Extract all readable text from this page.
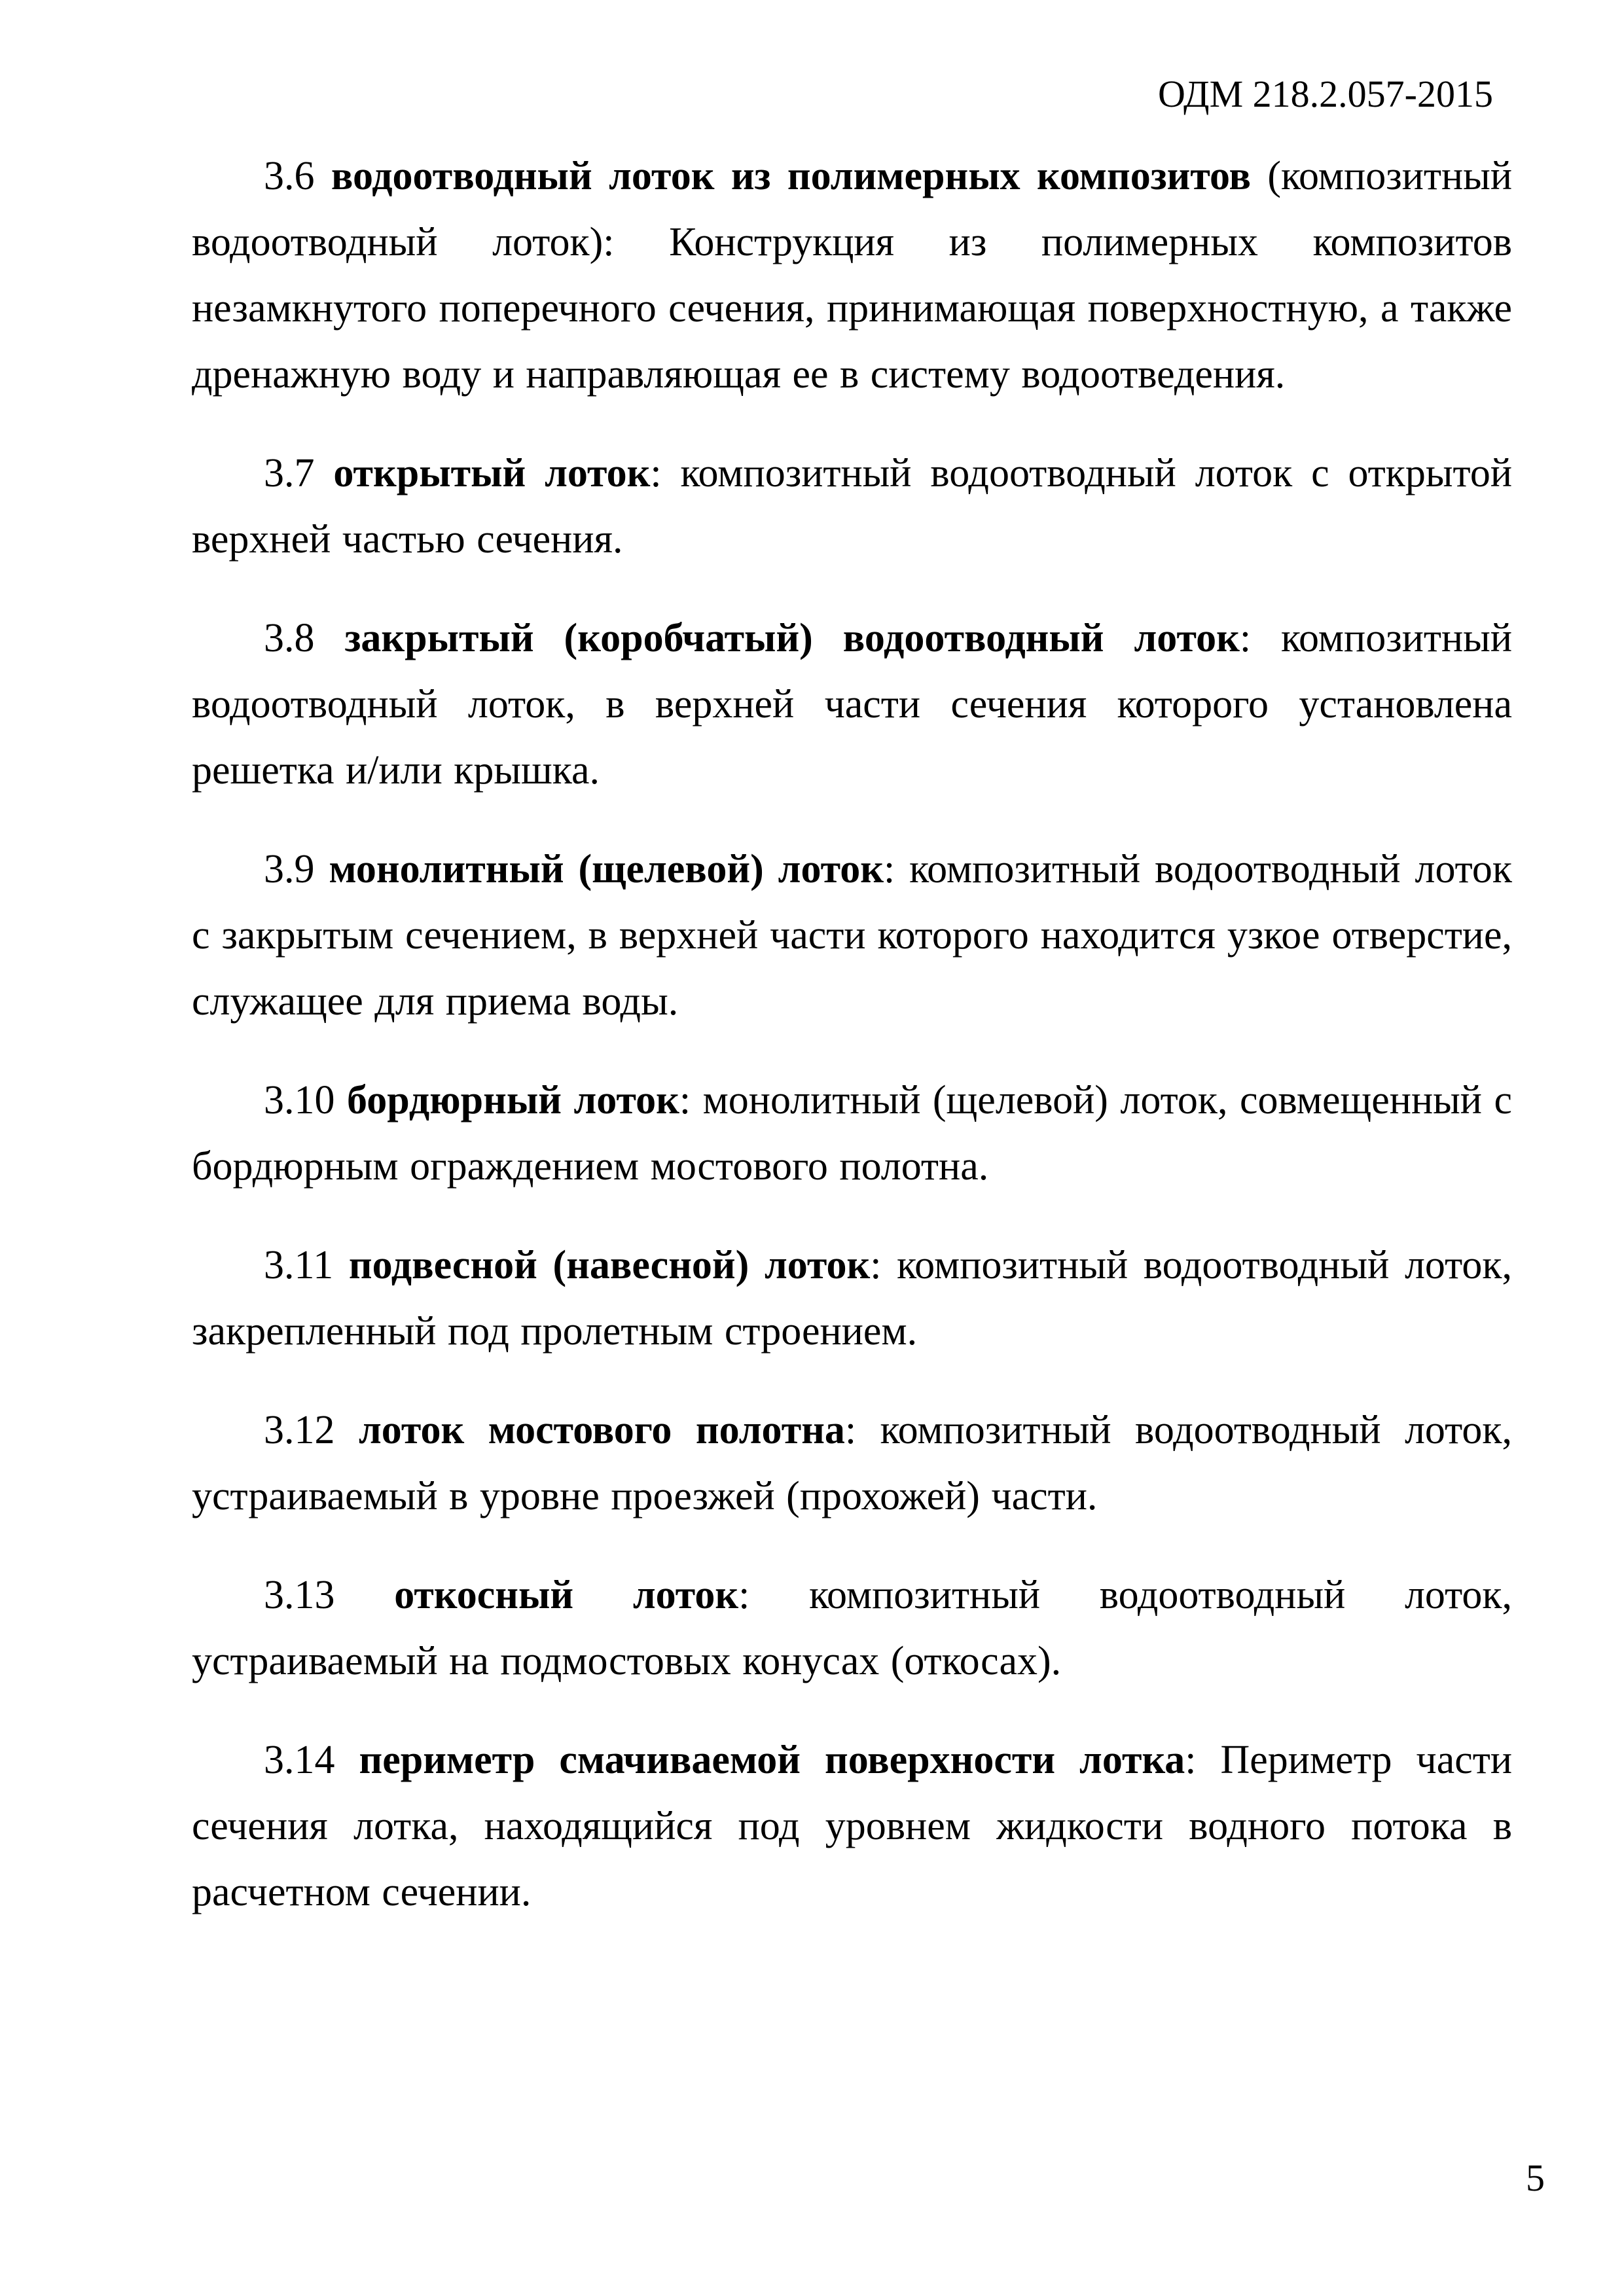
ОДМ 218.2.057-2015

3.6 водоотводный лоток из полимерных композитов (композитный водоотводный лоток): Конструкция из полимерных композитов незамкнутого поперечного сечения, принимающая поверхностную, а также дренажную воду и направляющая ее в систему водоотведения.

3.7 открытый лоток: композитный водоотводный лоток с открытой верхней частью сечения.

3.8 закрытый (коробчатый) водоотводный лоток: композитный водоотводный лоток, в верхней части сечения которого установлена решетка и/или крышка.

3.9 монолитный (щелевой) лоток: композитный водоотводный лоток с закрытым сечением, в верхней части которого находится узкое отверстие, служащее для приема воды.

3.10 бордюрный лоток: монолитный (щелевой) лоток, совмещенный с бордюрным ограждением мостового полотна.

3.11 подвесной (навесной) лоток: композитный водоотводный лоток, закрепленный под пролетным строением.

3.12 лоток мостового полотна: композитный водоотводный лоток, устраиваемый в уровне проезжей (прохожей) части.

3.13 откосный лоток: композитный водоотводный лоток, устраиваемый на подмостовых конусах (откосах).

3.14 периметр смачиваемой поверхности лотка: Периметр части сечения лотка, находящийся под уровнем жидкости водного потока в расчетном сечении.

5
